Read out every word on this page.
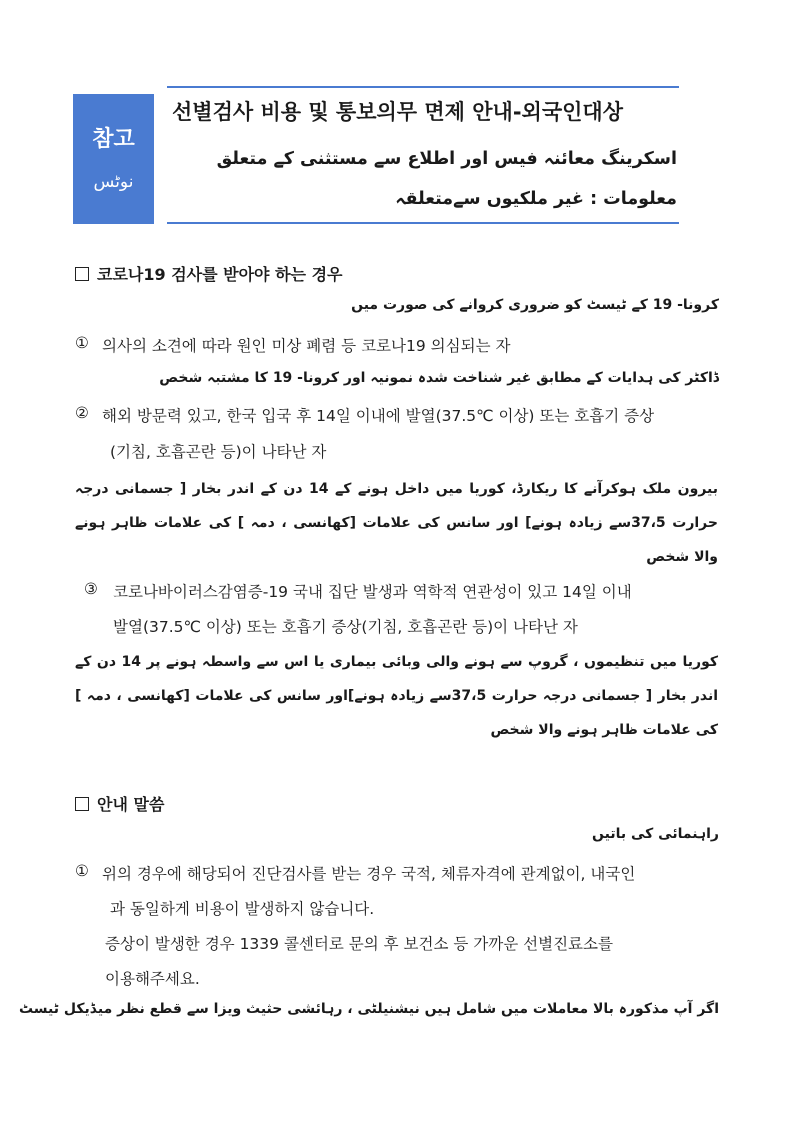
참고
نوٹس
선별검사 비용 및 통보의무 면제 안내-외국인대상
اسکرینگ معائنہ فیس اور اطلاع سے مستثنی کے متعلق معلومات : غیر ملکیوں سےمتعلقہ
코로나19 검사를 받아야 하는 경우
کرونا- 19 کے ٹیسٹ کو ضروری کروانے کی صورت میں
① 의사의 소견에 따라 원인 미상 폐렴 등 코로나19 의심되는 자
ڈاکٹر کی ہدایات کے مطابق غیر شناخت شدہ نمونیہ اور کرونا- 19 کا مشتبہ شخص
② 해외 방문력 있고, 한국 입국 후 14일 이내에 발열(37.5℃ 이상) 또는 호흡기 증상
(기침, 호흡곤란 등)이 나타난 자
بیرون ملک ہوکرآنے کا ریکارڈ، کوریا میں داخل ہونے کے 14 دن کے اندر بخار [ جسمانی درجہ حرارت 37،5سے زیادہ ہونے] اور سانس کی علامات [کھانسی ، دمہ ] کی علامات ظاہر ہونے والا شخص
③ 코로나바이러스감염증-19 국내 집단 발생과 역학적 연관성이 있고 14일 이내
발열(37.5℃ 이상) 또는 호흡기 증상(기침, 호흡곤란 등)이 나타난 자
کوریا میں تنظیموں ، گروپ سے ہونے والی وبائی بیماری یا اس سے واسطہ ہونے پر 14 دن کے اندر بخار [ جسمانی درجہ حرارت 37،5سے زیادہ ہونے]اور سانس کی علامات [کھانسی ، دمہ ] کی علامات ظاہر ہونے والا شخص
안내 말씀
راہنمائی کی باتیں
① 위의 경우에 해당되어 진단검사를 받는 경우 국적, 체류자격에 관계없이, 내국인
과 동일하게 비용이 발생하지 않습니다.
증상이 발생한 경우 1339 콜센터로 문의 후 보건소 등 가까운 선별진료소를
이용해주세요.
اگر آپ مذکورہ بالا معاملات میں شامل ہیں نیشنیلٹی ، رہائشی حثیث ویزا سے قطع نظر میڈیکل ٹیسٹ
